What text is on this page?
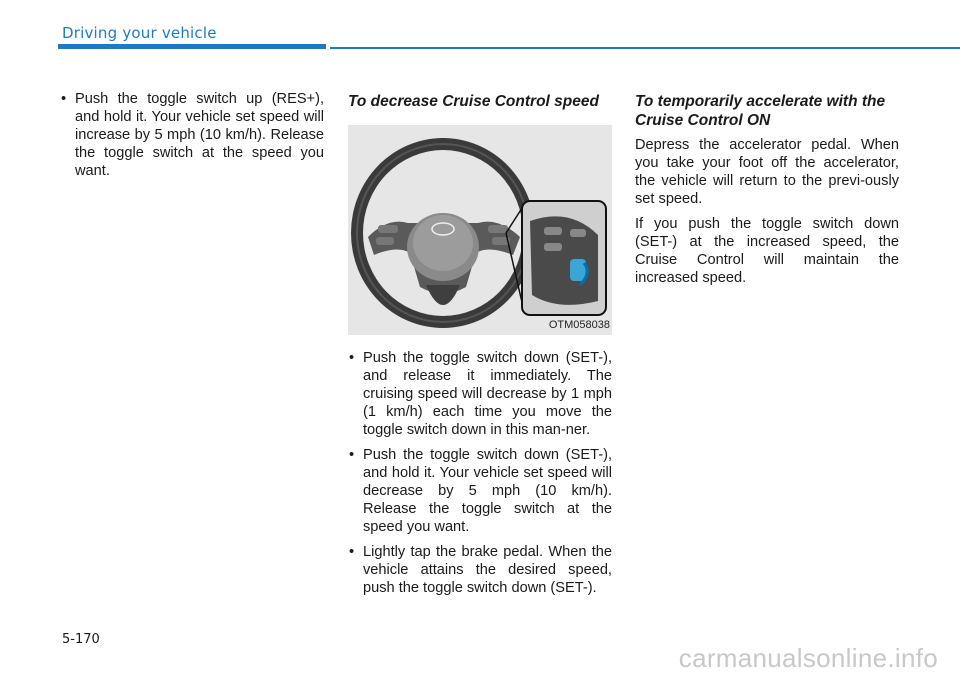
Driving your vehicle
• Push the toggle switch up (RES+), and hold it. Your vehicle set speed will increase by 5 mph (10 km/h). Release the toggle switch at the speed you want.
To decrease Cruise Control speed
OTM058038
• Push the toggle switch down (SET-), and release it immediately. The cruising speed will decrease by 1 mph (1 km/h) each time you move the toggle switch down in this man-ner.
• Push the toggle switch down (SET-), and hold it. Your vehicle set speed will decrease by 5 mph (10 km/h). Release the toggle switch at the speed you want.
• Lightly tap the brake pedal. When the vehicle attains the desired speed, push the toggle switch down (SET-).
To temporarily accelerate with the Cruise Control ON

Depress the accelerator pedal. When you take your foot off the accelerator, the vehicle will return to the previ-ously set speed.

If you push the toggle switch down (SET-) at the increased speed, the Cruise Control will maintain the increased speed.

5-170
carmanualsonline.info
